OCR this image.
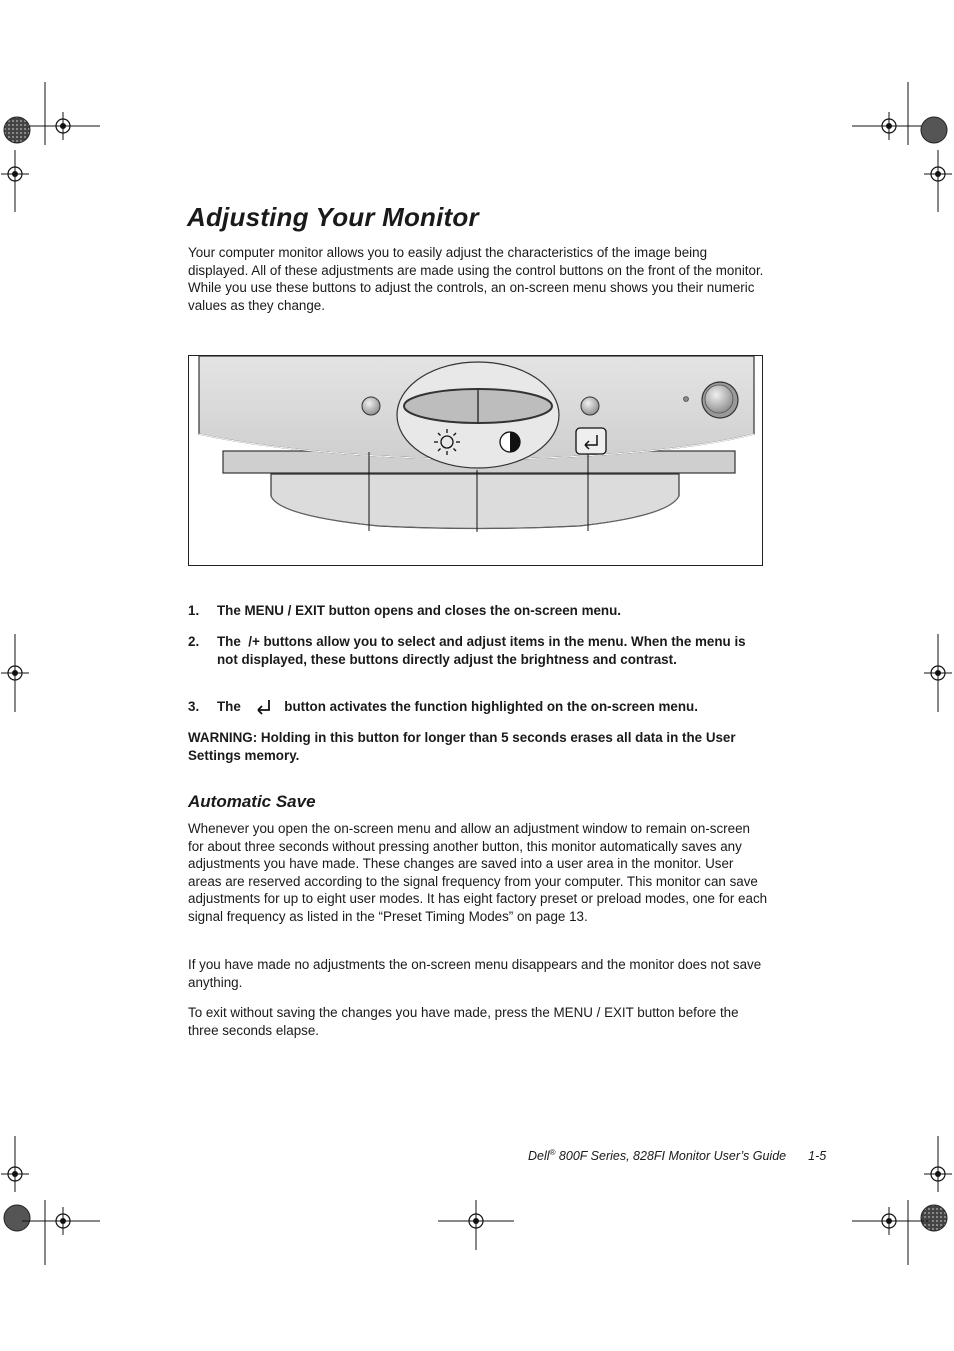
Adjusting Your Monitor

Your computer monitor allows you to easily adjust the characteristics of the image being displayed. All of these adjustments are made using the control buttons on the front of the monitor. While you use these buttons to adjust the controls, an on-screen menu shows you their numeric values as they change.

1. The MENU / EXIT button opens and closes the on-screen menu.
2. The  /+ buttons allow you to select and adjust items in the menu. When the menu is not displayed, these buttons directly adjust the brightness and contrast.
3. The	button activates the function highlighted on the on-screen menu.

WARNING: Holding in this button for longer than 5 seconds erases all data in the User Settings memory.

Automatic Save

Whenever you open the on-screen menu and allow an adjustment window to remain on-screen for about three seconds without pressing another button, this monitor automatically saves any adjustments you have made. These changes are saved into a user area in the monitor. User areas are reserved according to the signal frequency from your computer. This monitor can save adjustments for up to eight user modes. It has eight factory preset or preload modes, one for each signal frequency as listed in the “Preset Timing Modes” on page 13.

If you have made no adjustments the on-screen menu disappears and the monitor does not save anything.

To exit without saving the changes you have made, press the MENU / EXIT button before the three seconds elapse.

Dell® 800F Series, 828FI Monitor User’s Guide 1-5
